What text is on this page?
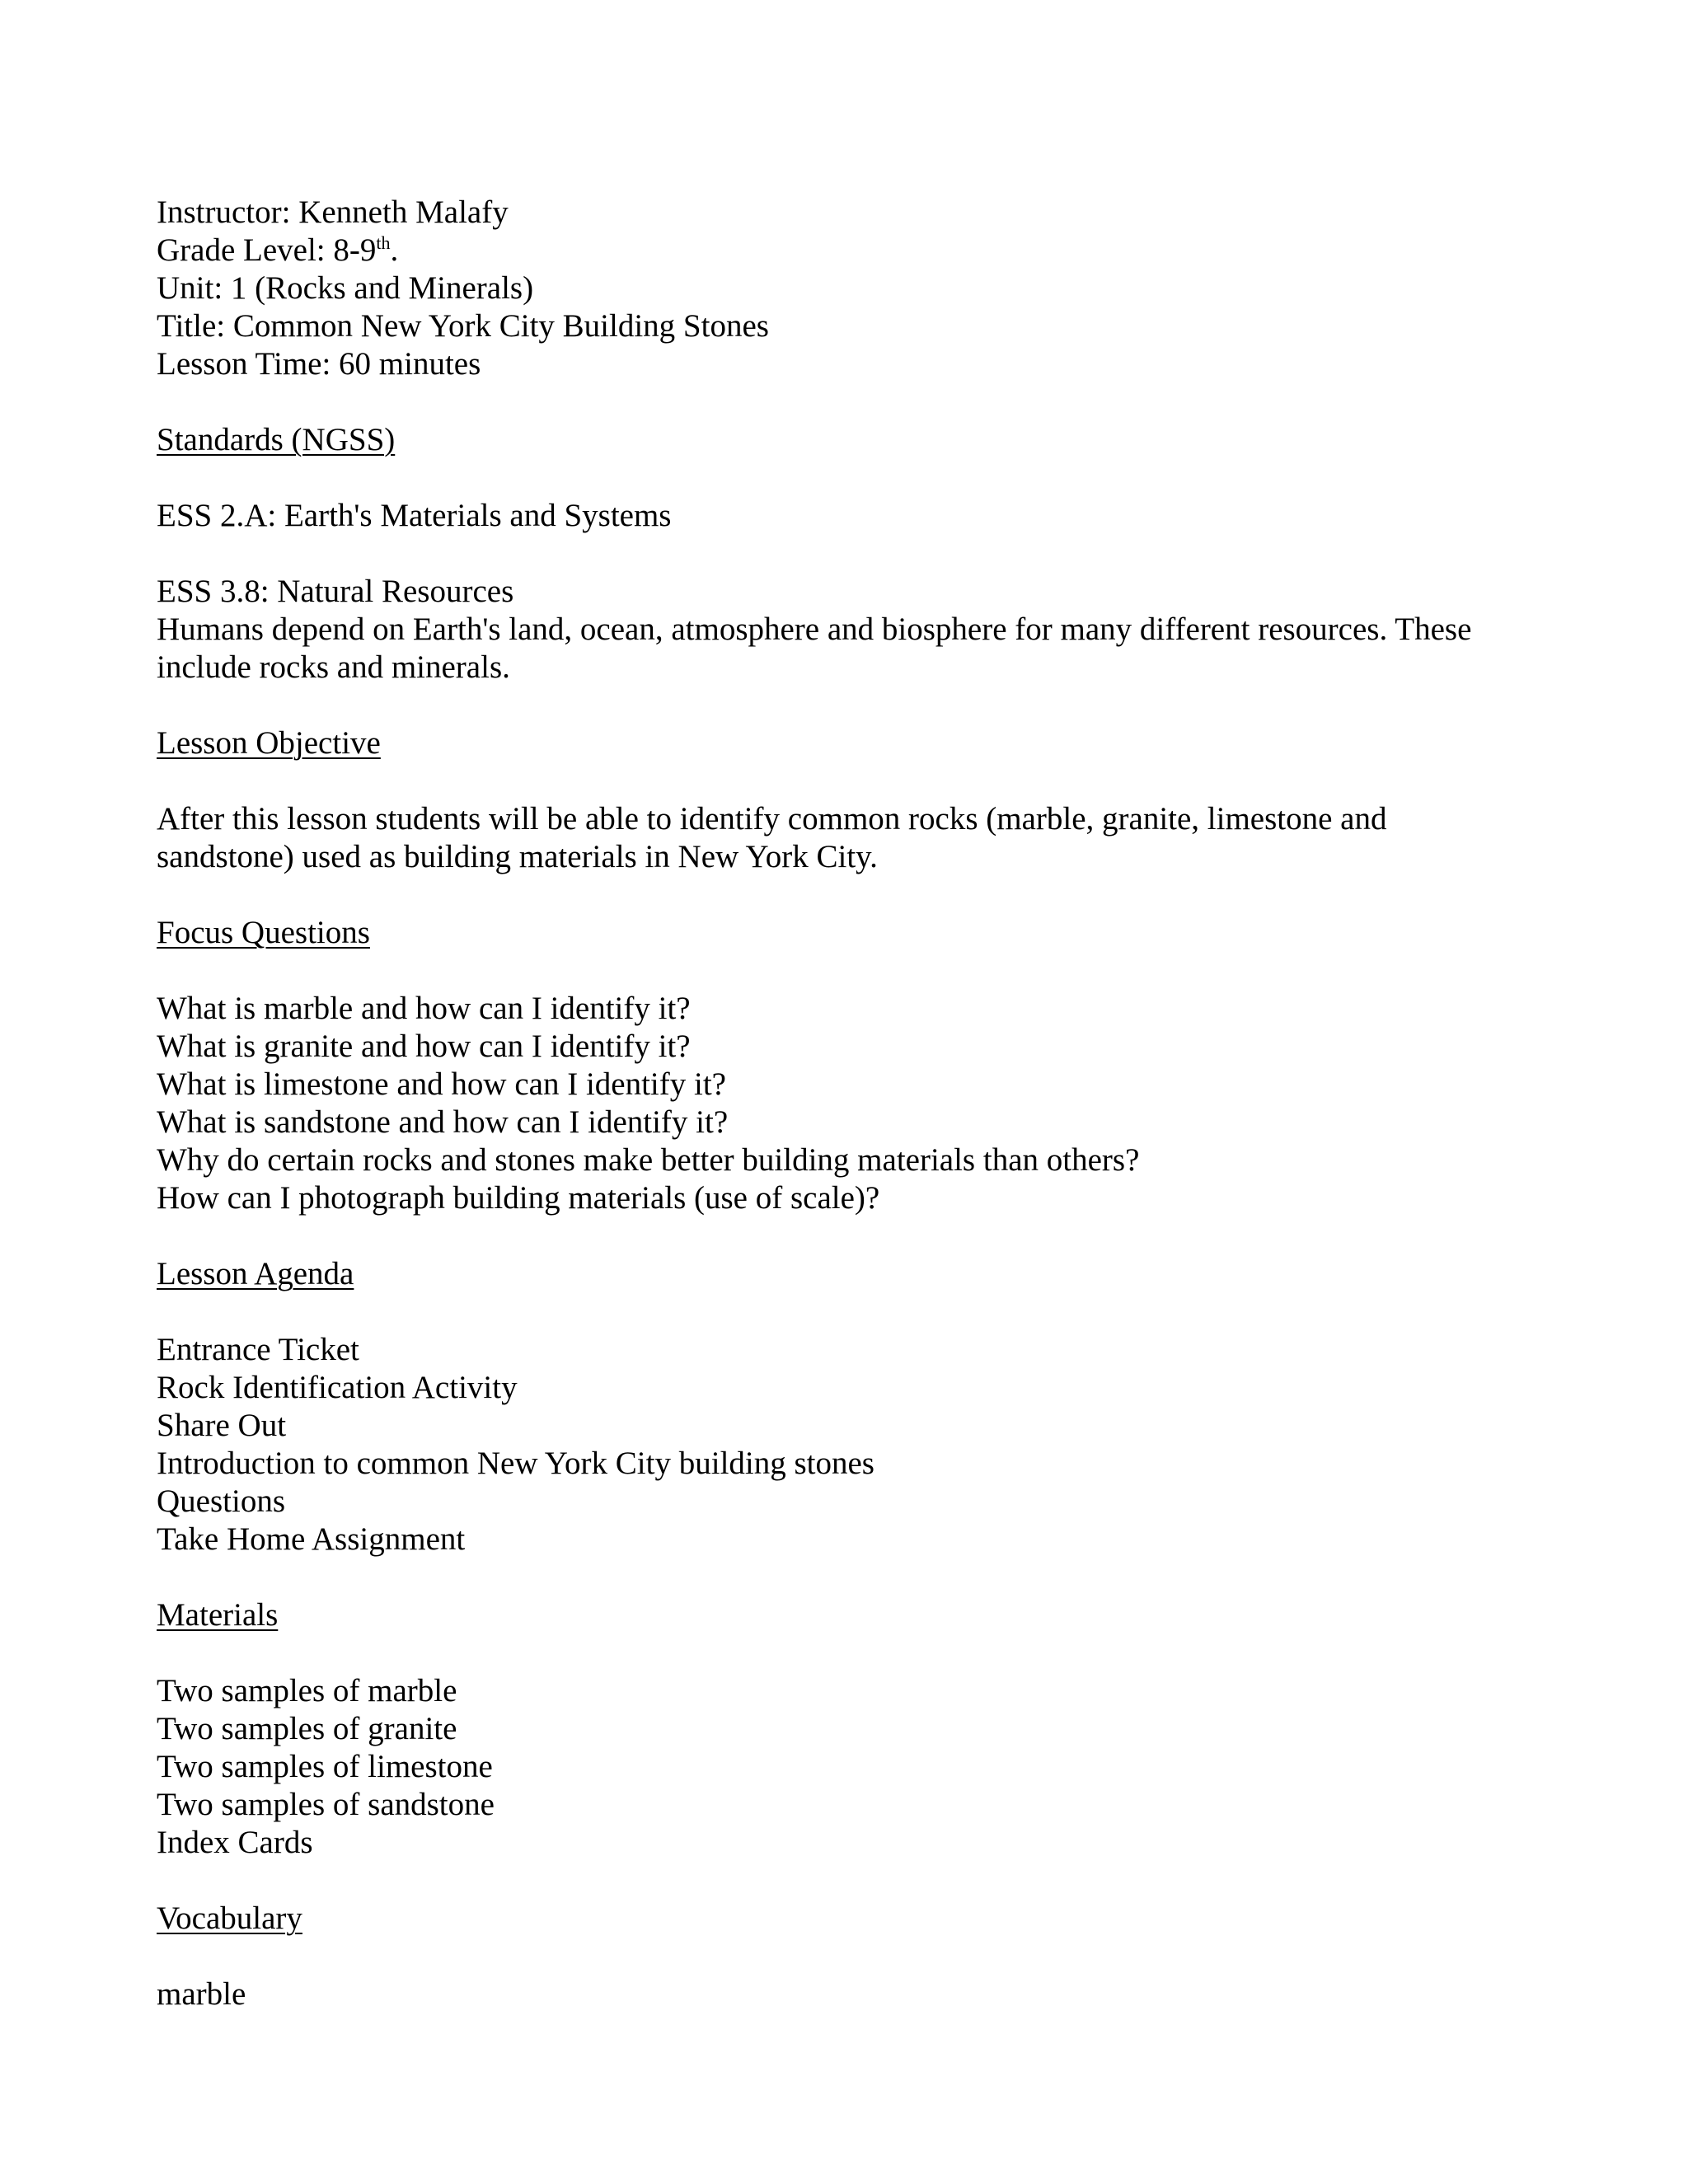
Instructor: Kenneth Malafy
Grade Level: 8-9th.
Unit: 1 (Rocks and Minerals)
Title: Common New York City Building Stones
Lesson Time: 60 minutes
Standards (NGSS)
ESS 2.A: Earth's Materials and Systems
ESS 3.8: Natural Resources
Humans depend on Earth's land, ocean, atmosphere and biosphere for many different resources. These include rocks and minerals.
Lesson Objective
After this lesson students will be able to identify common rocks (marble, granite, limestone and sandstone) used as building materials in New York City.
Focus Questions
What is marble and how can I identify it?
What is granite and how can I identify it?
What is limestone and how can I identify it?
What is sandstone and how can I identify it?
Why do certain rocks and stones make better building materials than others?
How can I photograph building materials (use of scale)?
Lesson Agenda
Entrance Ticket
Rock Identification Activity
Share Out
Introduction to common New York City building stones
Questions
Take Home Assignment
Materials
Two samples of marble
Two samples of granite
Two samples of limestone
Two samples of sandstone
Index Cards
Vocabulary
marble
